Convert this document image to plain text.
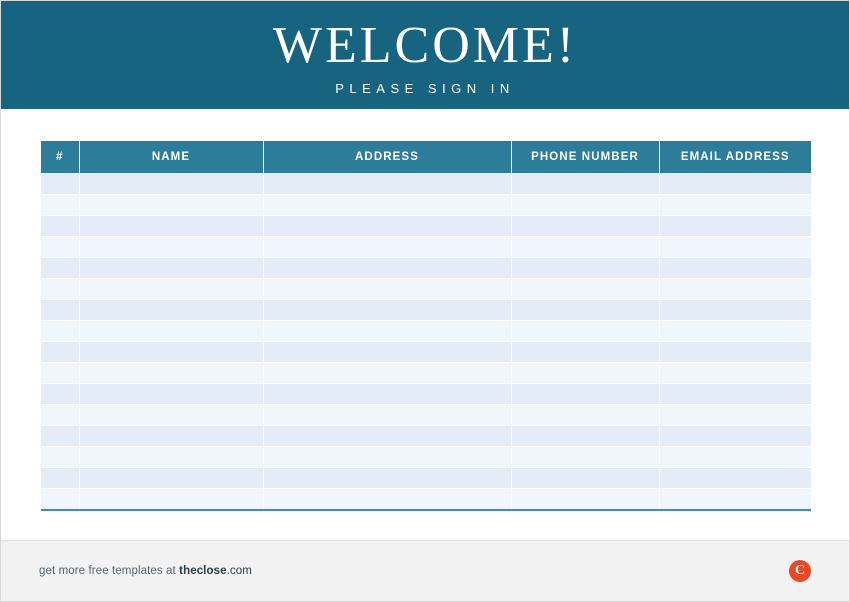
WELCOME!
PLEASE SIGN IN
#	NAME	ADDRESS	PHONE NUMBER	EMAIL ADDRESS

get more free templates at theclose.com	C
